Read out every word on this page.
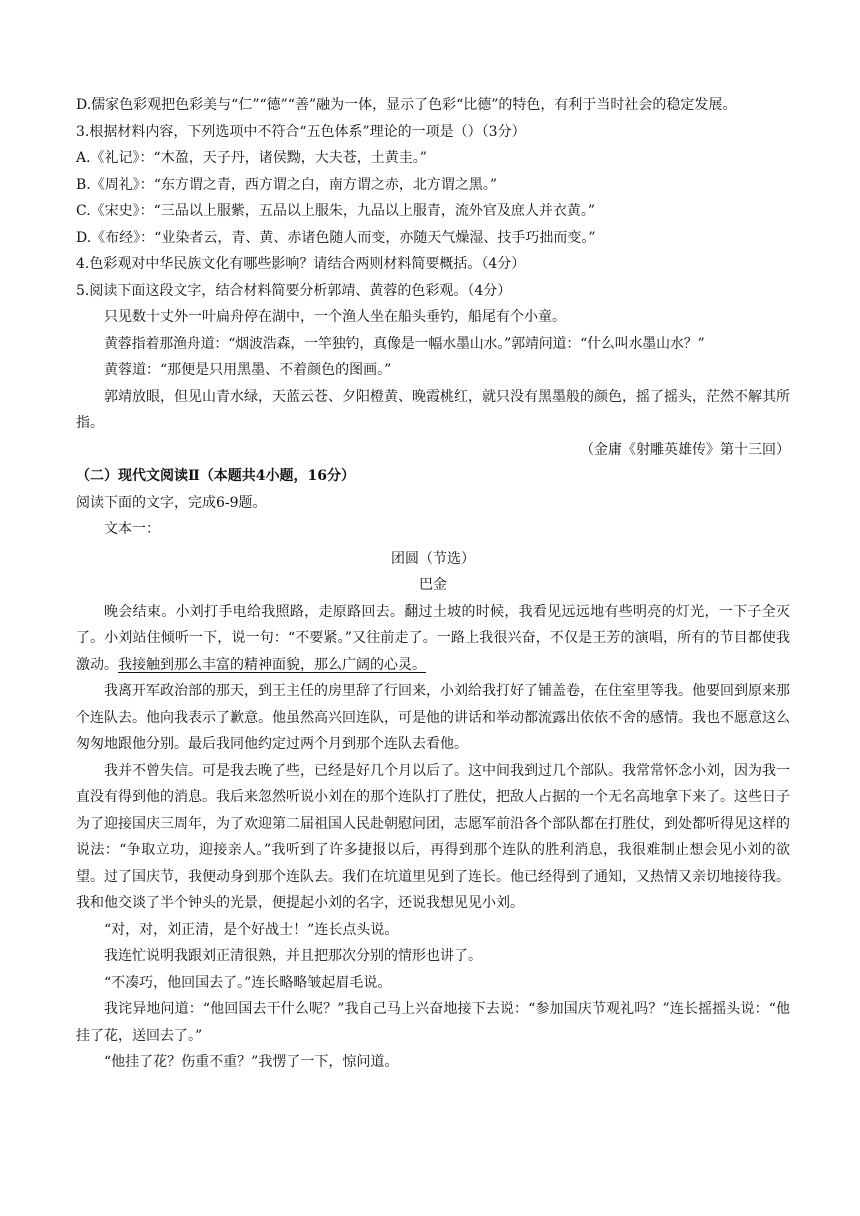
D.儒家色彩观把色彩美与“仁”“德”“善”融为一体，显示了色彩“比德”的特色，有利于当时社会的稳定发展。

3.根据材料内容，下列选项中不符合“五色体系”理论的一项是（）（3分）

A.《礼记》：“木盈，天子丹，诸侯黝，大夫苍，土黄圭。”

B.《周礼》：“东方谓之青，西方谓之白，南方谓之赤，北方谓之黑。”

C.《宋史》：“三品以上服紫，五品以上服朱，九品以上服青，流外官及庶人并衣黄。”

D.《布经》：“业染者云，青、黄、赤诸色随人而变，亦随天气燥湿、技手巧拙而变。”

4.色彩观对中华民族文化有哪些影响？请结合两则材料简要概括。（4分）

5.阅读下面这段文字，结合材料简要分析郭靖、黄蓉的色彩观。（4分）

只见数十丈外一叶扁舟停在湖中，一个渔人坐在船头垂钓，船尾有个小童。

黄蓉指着那渔舟道：“烟波浩森，一竿独钓，真像是一幅水墨山水。”郭靖问道：“什么叫水墨山水？”

黄蓉道：“那便是只用黑墨、不着颜色的图画。”

郭靖放眼，但见山青水绿，天蓝云苍、夕阳橙黄、晚霞桃红，就只没有黑墨般的颜色，摇了摇头，茫然不解其所指。

（金庸《射雕英雄传》第十三回）

（二）现代文阅读Ⅱ（本题共4小题，16分）

阅读下面的文字，完成6-9题。

文本一：

团圆（节选）

巴金

晚会结束。小刘打手电给我照路，走原路回去。翻过土坡的时候，我看见远远地有些明亮的灯光，一下子全灭了。小刘站住倾听一下，说一句：“不要紧。”又往前走了。一路上我很兴奋，不仅是王芳的演唱，所有的节目都使我激动。我接触到那么丰富的精神面貌，那么广阔的心灵。

我离开军政治部的那天，到王主任的房里辞了行回来，小刘给我打好了铺盖卷，在住室里等我。他要回到原来那个连队去。他向我表示了歉意。他虽然高兴回连队，可是他的讲话和举动都流露出依依不舍的感情。我也不愿意这么匆匆地跟他分别。最后我同他约定过两个月到那个连队去看他。

我并不曾失信。可是我去晚了些，已经是好几个月以后了。这中间我到过几个部队。我常常怀念小刘，因为我一直没有得到他的消息。我后来忽然听说小刘在的那个连队打了胜仗，把敌人占据的一个无名高地拿下来了。这些日子为了迎接国庆三周年，为了欢迎第二届祖国人民赴朝慰问团，志愿军前沿各个部队都在打胜仗，到处都听得见这样的说法：“争取立功，迎接亲人。”我听到了许多捷报以后，再得到那个连队的胜利消息，我很难制止想会见小刘的欲望。过了国庆节，我便动身到那个连队去。我们在坑道里见到了连长。他已经得到了通知，又热情又亲切地接待我。我和他交谈了半个钟头的光景，便提起小刘的名字，还说我想见见小刘。

“对，对，刘正清，是个好战士！”连长点头说。

我连忙说明我跟刘正清很熟，并且把那次分别的情形也讲了。

“不凑巧，他回国去了。”连长略略皱起眉毛说。

我诧异地问道：“他回国去干什么呢？”我自己马上兴奋地接下去说：“参加国庆节观礼吗？”连长摇摇头说：“他挂了花，送回去了。”

“他挂了花？伤重不重？”我愣了一下，惊问道。
